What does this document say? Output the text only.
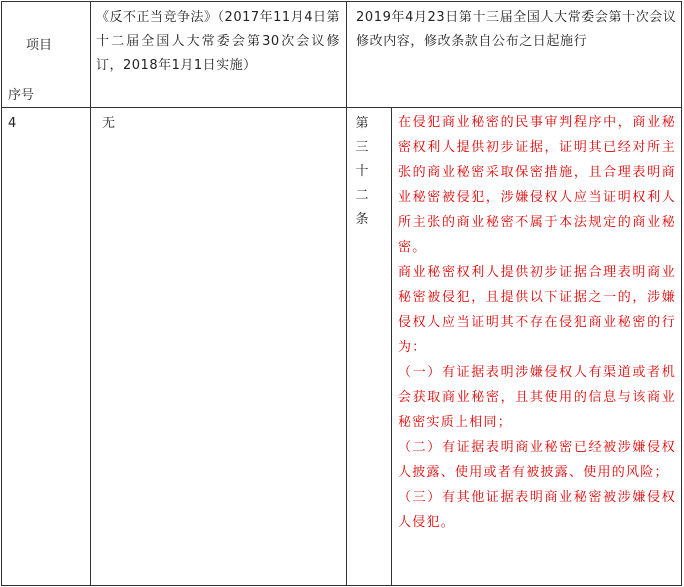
项目
序号
《反不正当竞争法》（2017年11月4日第十二届全国人大常委会第30次会议修订，2018年1月1日实施）
2019年4月23日第十三届全国人大常委会第十次会议修改内容，修改条款自公布之日起施行
4	无	第三十二条

在侵犯商业秘密的民事审判程序中，商业秘密权利人提供初步证据，证明其已经对所主张的商业秘密采取保密措施，且合理表明商业秘密被侵犯，涉嫌侵权人应当证明权利人所主张的商业秘密不属于本法规定的商业秘密。

商业秘密权利人提供初步证据合理表明商业秘密被侵犯，且提供以下证据之一的，涉嫌侵权人应当证明其不存在侵犯商业秘密的行为：

（一）有证据表明涉嫌侵权人有渠道或者机会获取商业秘密，且其使用的信息与该商业秘密实质上相同；

（二）有证据表明商业秘密已经被涉嫌侵权人披露、使用或者有被披露、使用的风险；

（三）有其他证据表明商业秘密被涉嫌侵权人侵犯。
